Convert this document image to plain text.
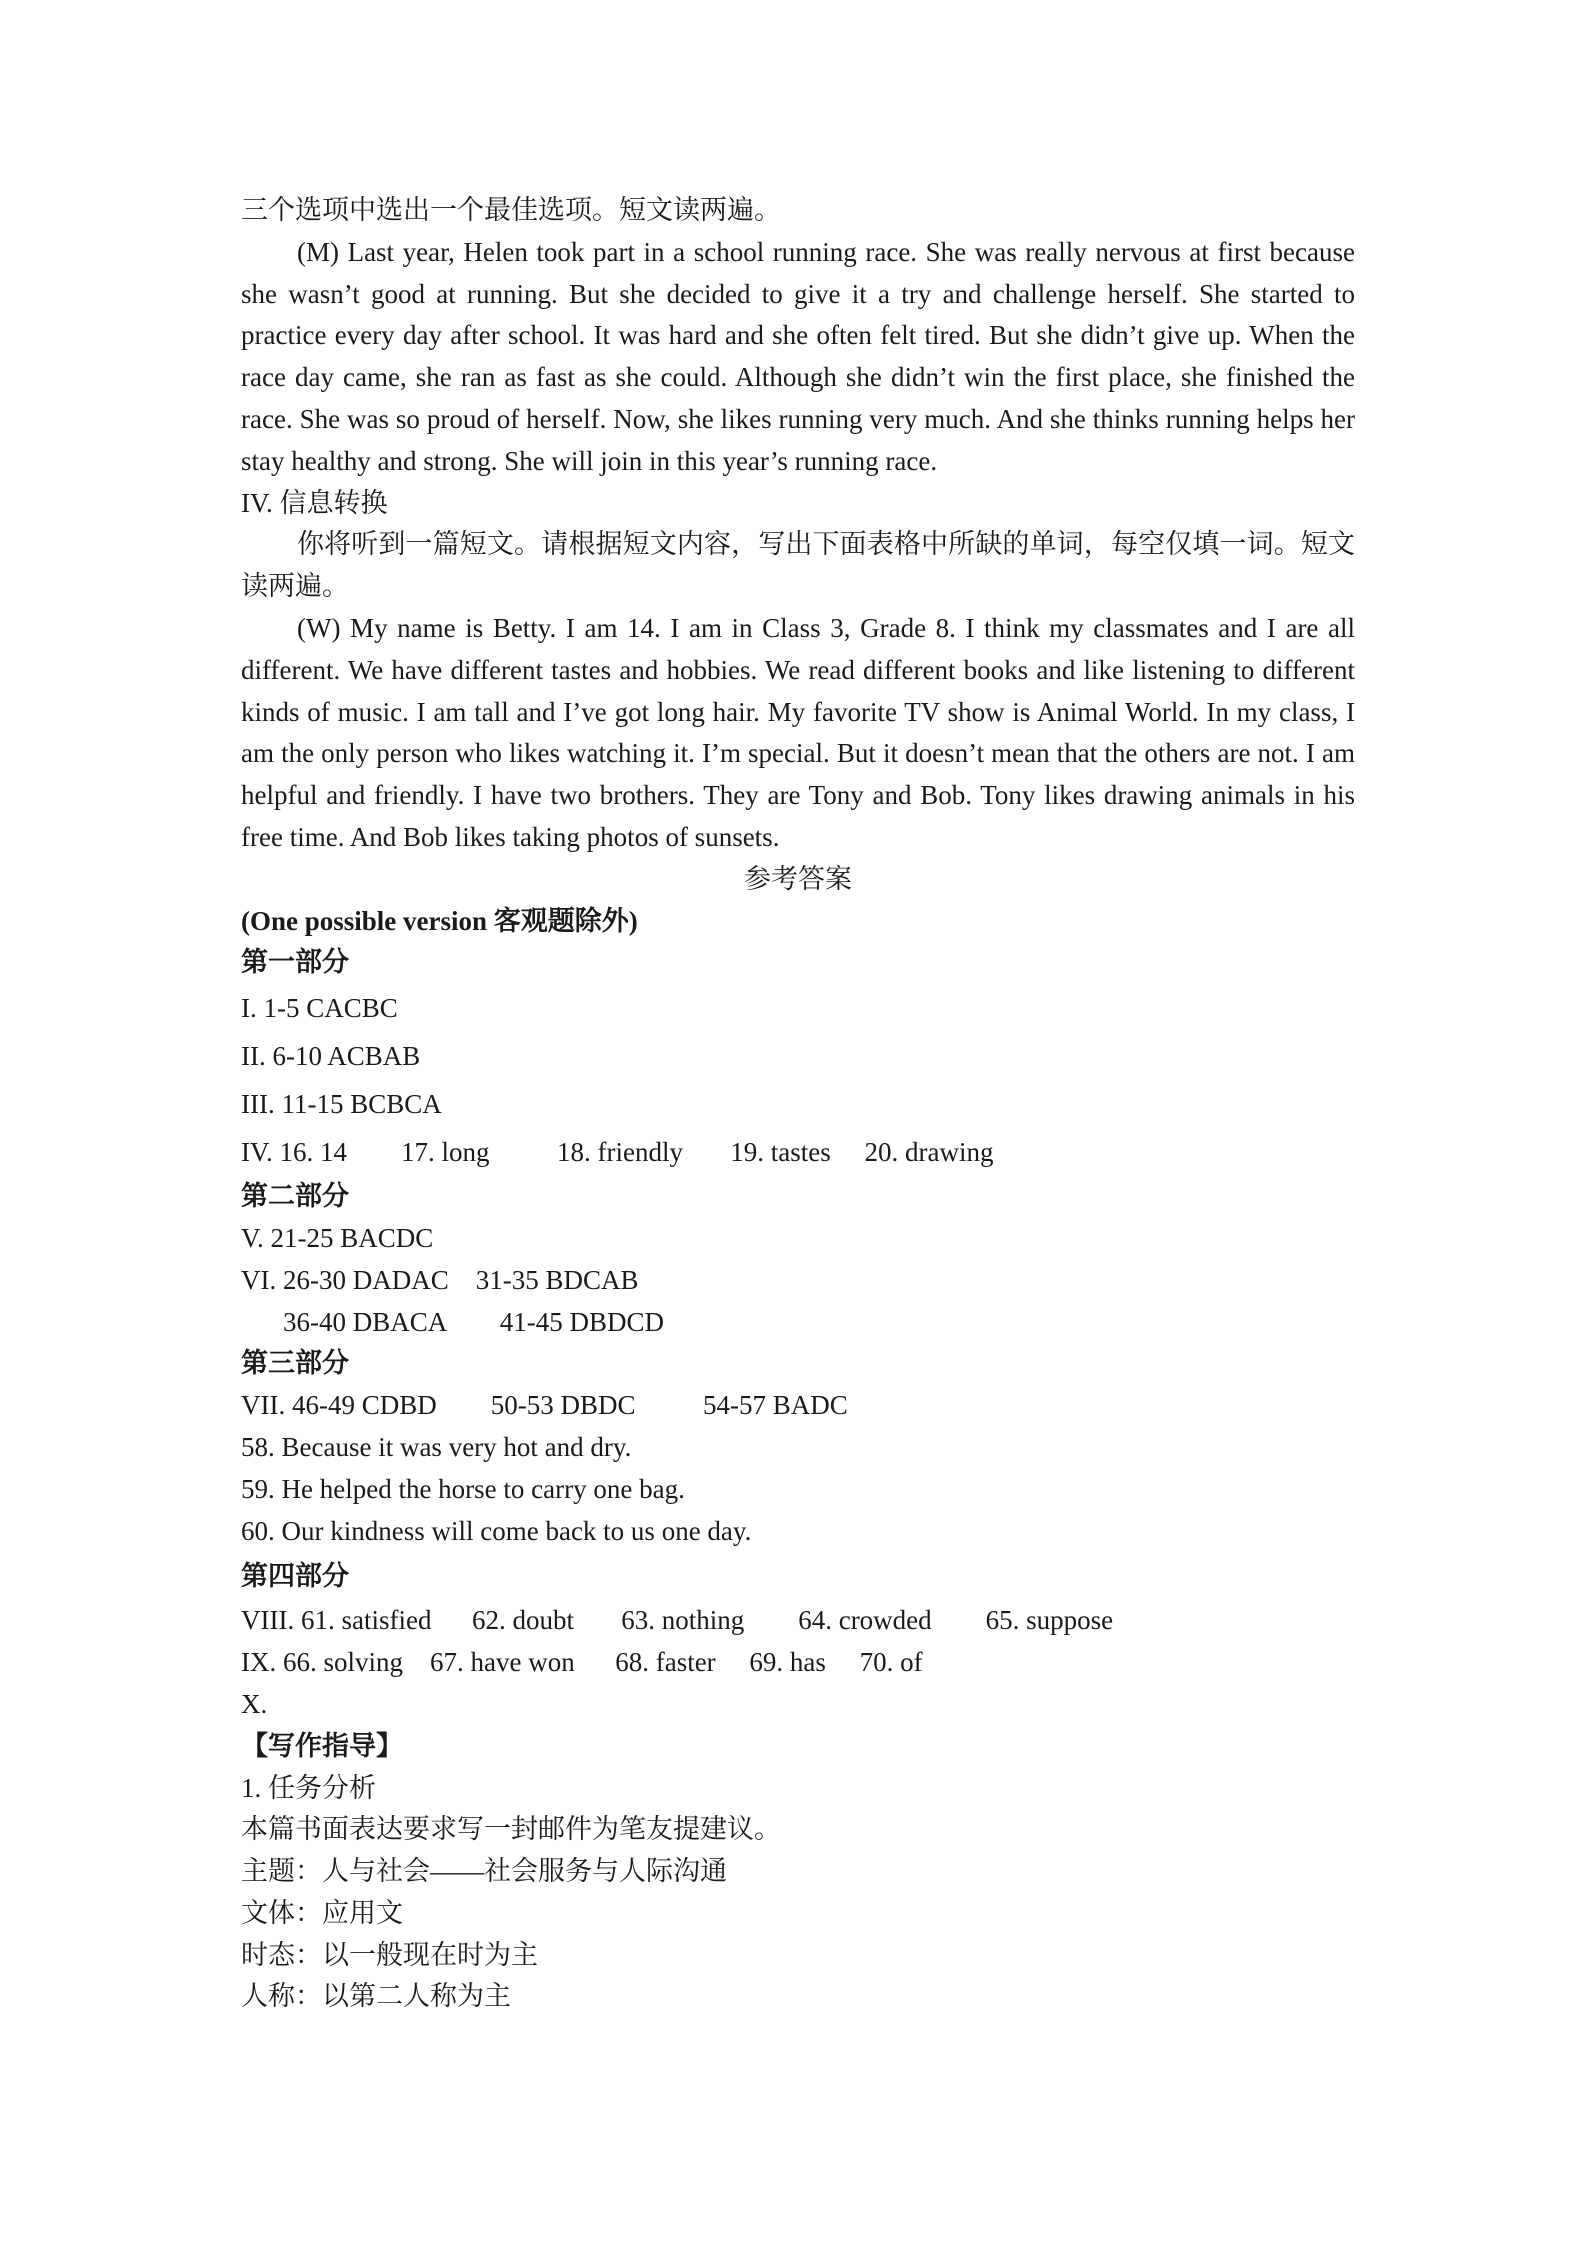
三个选项中选出一个最佳选项。短文读两遍。
(M) Last year, Helen took part in a school running race. She was really nervous at first because she wasn’t good at running. But she decided to give it a try and challenge herself. She started to practice every day after school. It was hard and she often felt tired. But she didn’t give up. When the race day came, she ran as fast as she could. Although she didn’t win the first place, she finished the race. She was so proud of herself. Now, she likes running very much. And she thinks running helps her stay healthy and strong. She will join in this year’s running race.
IV. 信息转换
你将听到一篇短文。请根据短文内容，写出下面表格中所缺的单词，每空仅填一词。短文读两遍。
(W) My name is Betty. I am 14. I am in Class 3, Grade 8. I think my classmates and I are all different. We have different tastes and hobbies. We read different books and like listening to different kinds of music. I am tall and I’ve got long hair. My favorite TV show is Animal World. In my class, I am the only person who likes watching it. I’m special. But it doesn’t mean that the others are not. I am helpful and friendly. I have two brothers. They are Tony and Bob. Tony likes drawing animals in his free time. And Bob likes taking photos of sunsets.
参考答案
(One possible version 客观题除外)
第一部分
I. 1-5 CACBC
II. 6-10 ACBAB
III. 11-15 BCBCA
IV. 16. 14        17. long          18. friendly       19. tastes     20. drawing
第二部分
V. 21-25 BACDC
VI. 26-30 DADAC    31-35 BDCAB
36-40 DBACA        41-45 DBDCD
第三部分
VII. 46-49 CDBD        50-53 DBDC          54-57 BADC
58. Because it was very hot and dry.
59. He helped the horse to carry one bag.
60. Our kindness will come back to us one day.
第四部分
VIII. 61. satisfied      62. doubt       63. nothing        64. crowded        65. suppose
IX. 66. solving    67. have won      68. faster     69. has     70. of
X.
【写作指导】
1. 任务分析
本篇书面表达要求写一封邮件为笔友提建议。
主题：人与社会——社会服务与人际沟通
文体：应用文
时态：以一般现在时为主
人称：以第二人称为主
